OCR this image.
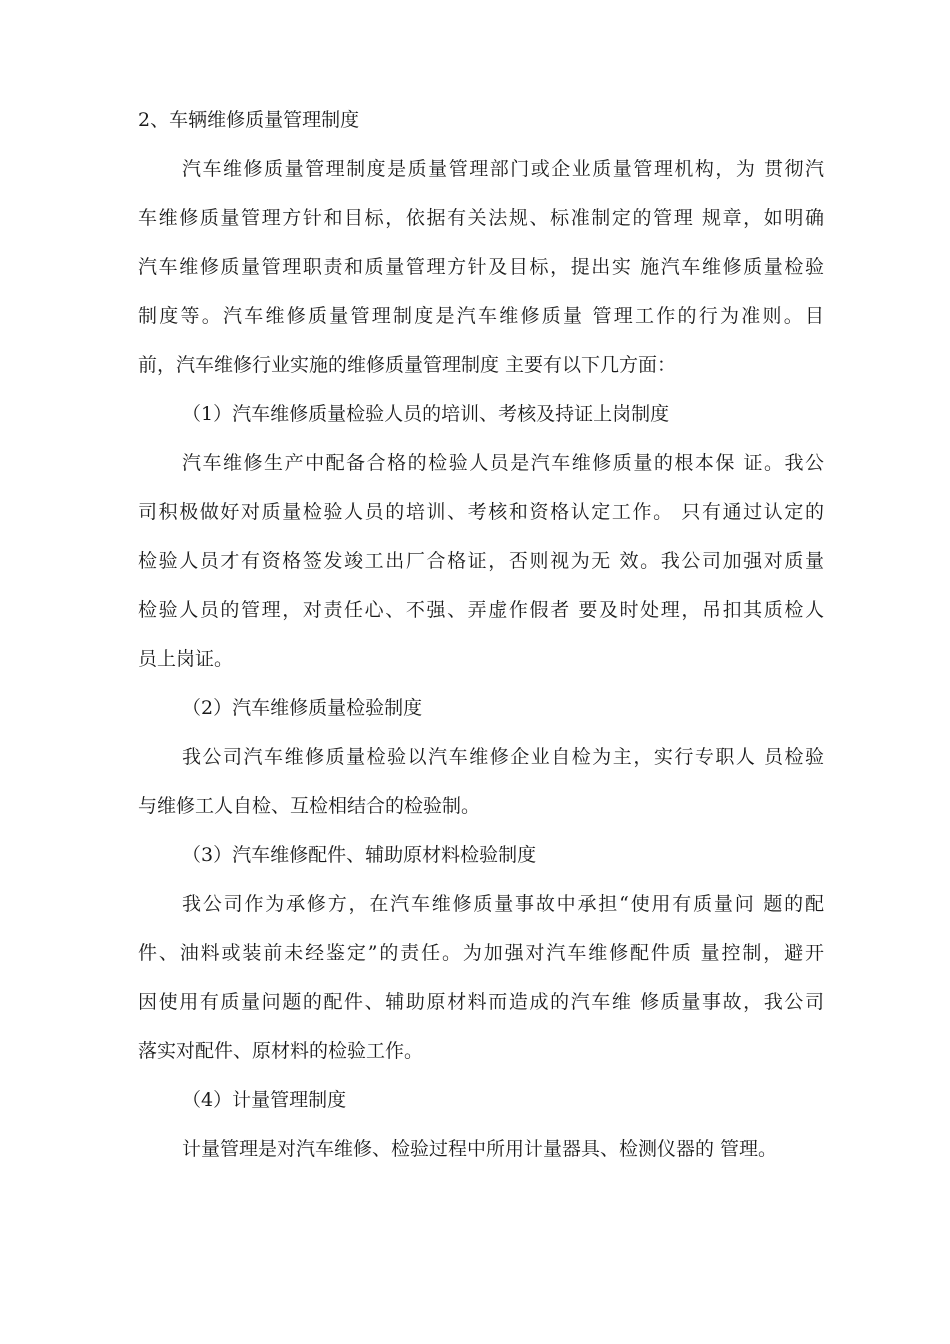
2、车辆维修质量管理制度

汽车维修质量管理制度是质量管理部门或企业质量管理机构，为 贯彻汽
车维修质量管理方针和目标，依据有关法规、标准制定的管理 规章，如明确
汽车维修质量管理职责和质量管理方针及目标，提出实 施汽车维修质量检验
制度等。汽车维修质量管理制度是汽车维修质量 管理工作的行为准则。目
前，汽车维修行业实施的维修质量管理制度 主要有以下几方面：

（1）汽车维修质量检验人员的培训、考核及持证上岗制度

汽车维修生产中配备合格的检验人员是汽车维修质量的根本保 证。我公
司积极做好对质量检验人员的培训、考核和资格认定工作。 只有通过认定的
检验人员才有资格签发竣工出厂合格证，否则视为无 效。我公司加强对质量
检验人员的管理，对责任心、不强、弄虚作假者 要及时处理，吊扣其质检人
员上岗证。

（2）汽车维修质量检验制度

我公司汽车维修质量检验以汽车维修企业自检为主，实行专职人 员检验
与维修工人自检、互检相结合的检验制。

（3）汽车维修配件、辅助原材料检验制度

我公司作为承修方，在汽车维修质量事故中承担“使用有质量问 题的配
件、油料或装前未经鉴定”的责任。为加强对汽车维修配件质 量控制，避开
因使用有质量问题的配件、辅助原材料而造成的汽车维 修质量事故，我公司
落实对配件、原材料的检验工作。

（4）计量管理制度

计量管理是对汽车维修、检验过程中所用计量器具、检测仪器的 管理。
